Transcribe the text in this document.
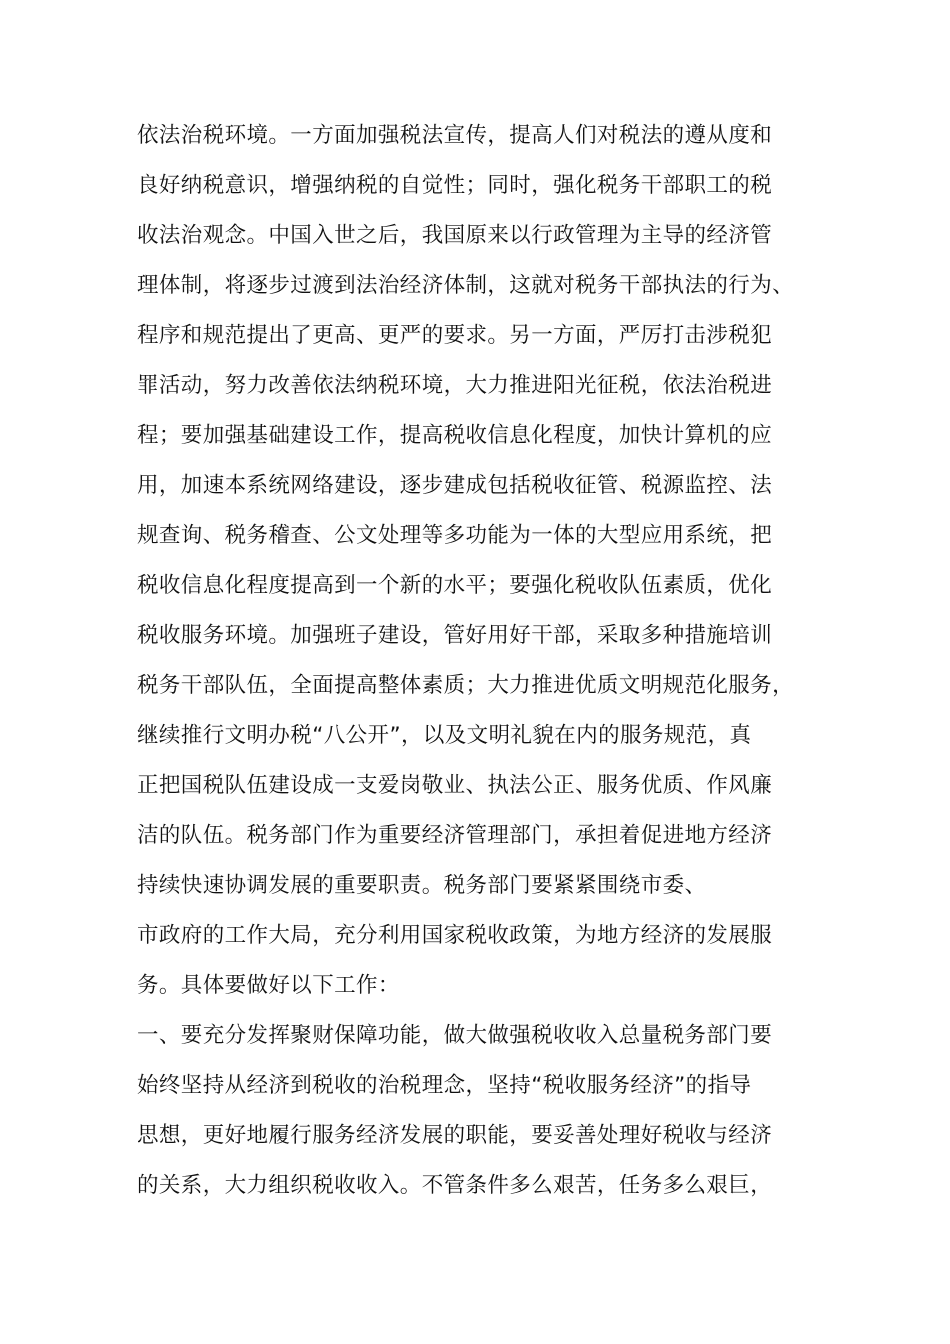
依法治税环境。一方面加强税法宣传，提高人们对税法的遵从度和
良好纳税意识，增强纳税的自觉性；同时，强化税务干部职工的税
收法治观念。中国入世之后，我国原来以行政管理为主导的经济管
理体制，将逐步过渡到法治经济体制，这就对税务干部执法的行为、
程序和规范提出了更高、更严的要求。另一方面，严厉打击涉税犯
罪活动，努力改善依法纳税环境，大力推进阳光征税，依法治税进
程；要加强基础建设工作，提高税收信息化程度，加快计算机的应
用，加速本系统网络建设，逐步建成包括税收征管、税源监控、法
规查询、税务稽查、公文处理等多功能为一体的大型应用系统，把
税收信息化程度提高到一个新的水平；要强化税收队伍素质，优化
税收服务环境。加强班子建设，管好用好干部，采取多种措施培训
税务干部队伍，全面提高整体素质；大力推进优质文明规范化服务，
继续推行文明办税“八公开”，以及文明礼貌在内的服务规范，真
正把国税队伍建设成一支爱岗敬业、执法公正、服务优质、作风廉
洁的队伍。税务部门作为重要经济管理部门，承担着促进地方经济
持续快速协调发展的重要职责。税务部门要紧紧围绕市委、
市政府的工作大局，充分利用国家税收政策，为地方经济的发展服
务。具体要做好以下工作：
一、要充分发挥聚财保障功能，做大做强税收收入总量税务部门要
始终坚持从经济到税收的治税理念，坚持“税收服务经济”的指导
思想，更好地履行服务经济发展的职能，要妥善处理好税收与经济
的关系，大力组织税收收入。不管条件多么艰苦，任务多么艰巨，
